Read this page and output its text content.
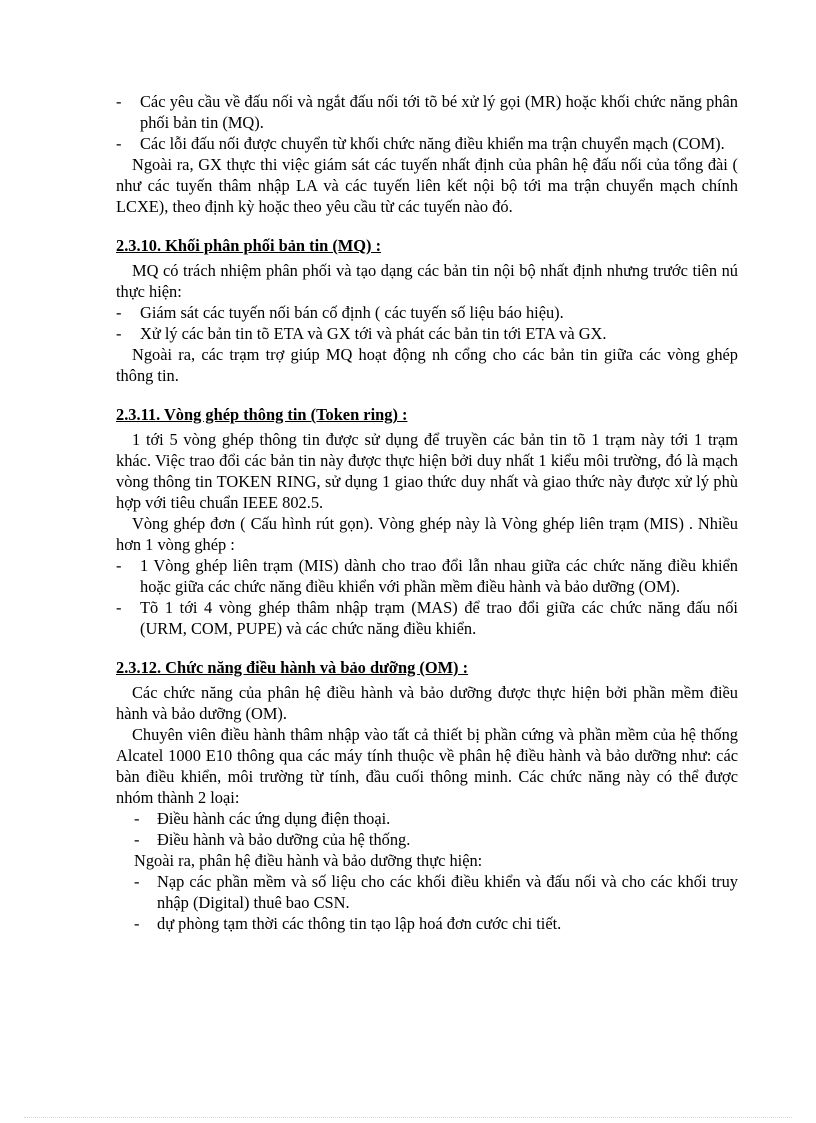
-	Các yêu cầu về đấu nối và ngắt đấu nối tới tõ bé xử lý gọi (MR) hoặc khối chức năng phân phối bản tin (MQ).
-	Các lỗi đấu nối được chuyển từ khối chức năng điều khiển ma trận chuyển mạch (COM).

Ngoài ra, GX thực thi việc giám sát các tuyến nhất định của phân hệ đấu nối của tổng đài ( như các tuyến thâm nhập LA và các tuyến liên kết nội bộ tới ma trận chuyển mạch chính LCXE), theo định kỳ hoặc theo yêu cầu từ các tuyến nào đó.

2.3.10. Khối phân phối bản tin (MQ) :

MQ có trách nhiệm phân phối và tạo dạng các bản tin nội bộ nhất định nhưng trước tiên nú thực hiện:

-	Giám sát các tuyến nối bán cố định ( các tuyến số liệu báo hiệu).
-	Xử lý các bản tin tõ ETA và GX tới và phát các bản tin tới ETA và GX.

Ngoài ra, các trạm trợ giúp MQ hoạt động nh cổng cho các bản tin giữa các vòng ghép thông tin.

2.3.11. Vòng ghép thông tin (Token ring) :

1 tới 5 vòng ghép thông tin được sử dụng để truyền các bản tin tõ 1 trạm này tới 1 trạm khác. Việc trao đổi các bản tin này được thực hiện bởi duy nhất 1 kiểu môi trường, đó là mạch vòng thông tin TOKEN RING, sử dụng 1 giao thức duy nhất và giao thức này được xử lý phù hợp với tiêu chuẩn IEEE 802.5.

Vòng ghép đơn ( Cấu hình rút gọn). Vòng ghép này là Vòng ghép liên trạm (MIS) . Nhiều hơn 1 vòng ghép :

-	1 Vòng ghép liên trạm (MIS) dành cho trao đổi lẫn nhau giữa các chức năng điều khiển hoặc giữa các chức năng điều khiển với phần mềm điều hành và bảo dưỡng (OM).
-	Tõ 1 tới 4 vòng ghép thâm nhập trạm (MAS) để trao đổi giữa các chức năng đấu nối (URM, COM, PUPE) và các chức năng điều khiển.
2.3.12. Chức năng điều hành và bảo dưỡng (OM) :

Các chức năng của phân hệ điều hành và bảo dưỡng được thực hiện bởi phần mềm điều hành và bảo dưỡng (OM).

Chuyên viên điều hành thâm nhập vào tất cả thiết bị phần cứng và phần mềm của hệ thống Alcatel 1000 E10 thông qua các máy tính thuộc về phân hệ điều hành và bảo dưỡng như: các bàn điều khiển, môi trường từ tính, đầu cuối thông minh. Các chức năng này có thể được nhóm thành 2 loại:

-	Điều hành các ứng dụng điện thoại.
-	Điều hành và bảo dưỡng của hệ thống.

Ngoài ra, phân hệ điều hành và bảo dưỡng thực hiện:

-	Nạp các phần mềm và số liệu cho các khối điều khiển và đấu nối và cho các khối truy nhập (Digital) thuê bao CSN.
-	dự phòng tạm thời các thông tin tạo lập hoá đơn cước chi tiết.
